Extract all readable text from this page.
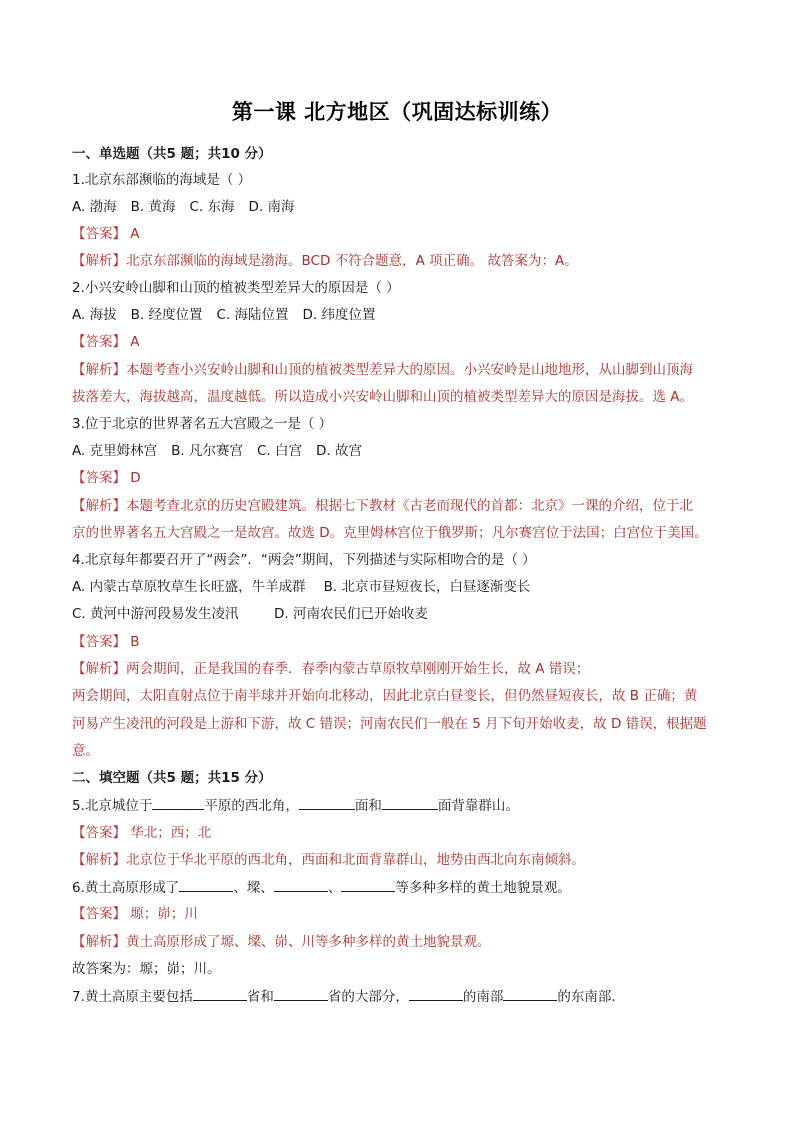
第一课 北方地区（巩固达标训练）
一、单选题（共5 题；共10 分）
1.北京东部濒临的海域是（ ）
A. 渤海 B. 黄海 C. 东海 D. 南海
【答案】 A
【解析】北京东部濒临的海域是渤海。BCD 不符合题意，A 项正确。 故答案为：A。
2.小兴安岭山脚和山顶的植被类型差异大的原因是（ ）
A. 海拔 B. 经度位置 C. 海陆位置 D. 纬度位置
【答案】 A
【解析】本题考查小兴安岭山脚和山顶的植被类型差异大的原因。小兴安岭是山地地形，从山脚到山顶海
拔落差大，海拔越高，温度越低。所以造成小兴安岭山脚和山顶的植被类型差异大的原因是海拔。选 A。
3.位于北京的世界著名五大宫殿之一是（ ）
A. 克里姆林宫 B. 凡尔赛宫 C. 白宫 D. 故宫
【答案】 D
【解析】本题考查北京的历史宫殿建筑。根据七下教材《古老而现代的首都：北京》一课的介绍，位于北
京的世界著名五大宫殿之一是故宫。故选 D。克里姆林宫位于俄罗斯；凡尔赛宫位于法国；白宫位于美国。
4.北京每年都要召开了“两会”．“两会”期间，下列描述与实际相吻合的是（ ）
A. 内蒙古草原牧草生长旺盛，牛羊成群 B. 北京市昼短夜长，白昼逐渐变长
C. 黄河中游河段易发生凌汛	D. 河南农民们已开始收麦
【答案】 B
【解析】两会期间，正是我国的春季．春季内蒙古草原牧草刚刚开始生长，故 A 错误；
两会期间，太阳直射点位于南半球并开始向北移动，因此北京白昼变长，但仍然昼短夜长，故 B 正确；黄
河易产生凌汛的河段是上游和下游，故 C 错误；河南农民们一般在 5 月下旬开始收麦，故 D 错误，根据题
意。
二、填空题（共5 题；共15 分）
5.北京城位于	平原的西北角，	面和	面背靠群山。
【答案】 华北；西；北
【解析】北京位于华北平原的西北角，西面和北面背靠群山，地势由西北向东南倾斜。
6.黄土高原形成了	、墚、	、	等多种多样的黄土地貌景观。
【答案】 塬；峁；川
【解析】黄土高原形成了塬、墚、峁、川等多种多样的黄土地貌景观。
故答案为：塬；峁；川。
7.黄土高原主要包括	省和	省的大部分，	的南部	的东南部．
